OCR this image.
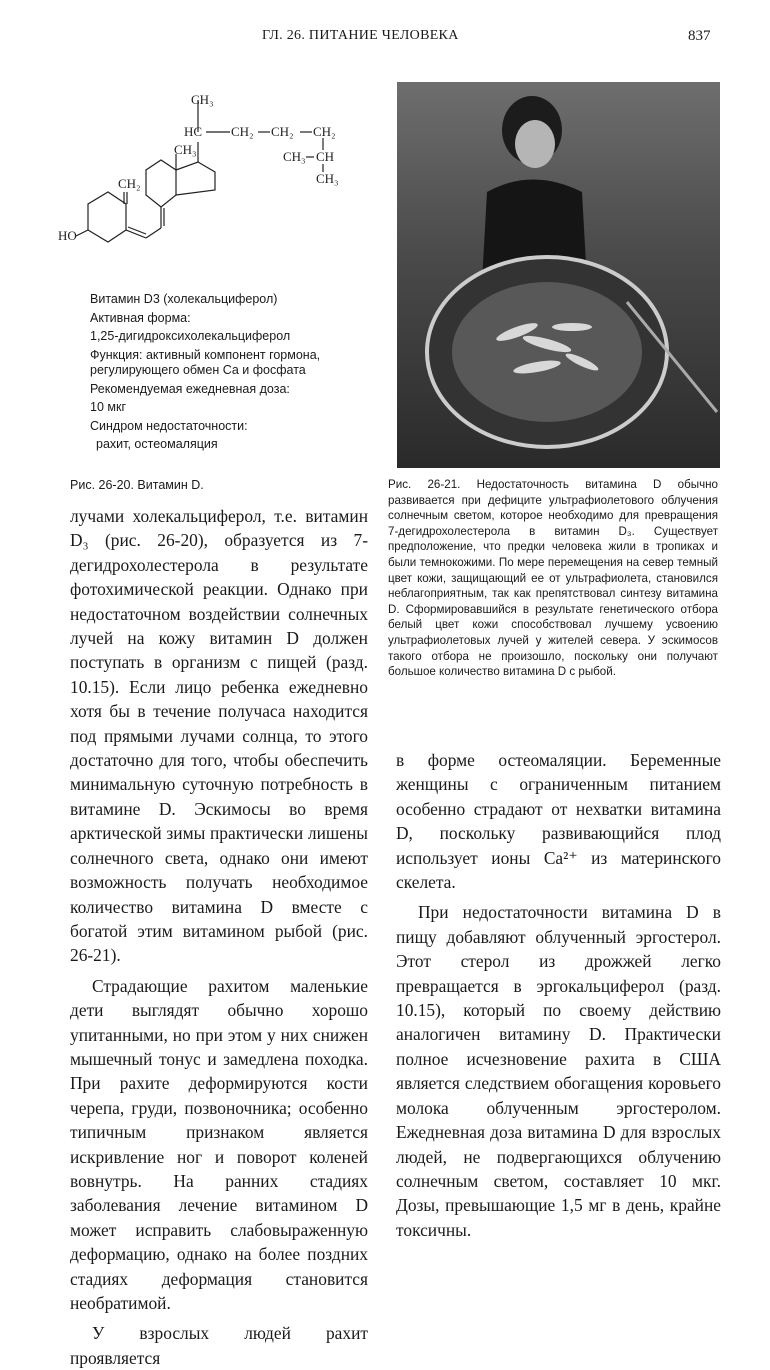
ГЛ. 26. ПИТАНИЕ ЧЕЛОВЕКА	837
CH₃
HC CH₂ CH₂ CH₂
CH₃ CH
CH₃
CH₃
CH₂
HO
Витамин D3 (холекальциферол)
Активная форма:
1,25-дигидроксихолекальциферол
Функция: активный компонент гормона, регулирующего обмен Са и фосфата
Рекомендуемая ежедневная доза:
10 мкг
Синдром недостаточности:
рахит, остеомаляция
Рис. 26-20. Витамин D.	Рис. 26-21. Недостаточность витамина D обычно развивается при дефиците ультрафиолетового облучения солнечным светом, которое необходимо для превращения 7-дегидрохолестерола в витамин D₃. Существует предположение, что предки человека жили в тропиках и были темнокожими. По мере перемещения на север темный цвет кожи, защищающий ее от ультрафиолета, становился неблагоприятным, так как препятствовал синтезу витамина D. Сформировавшийся в результате генетического отбора белый цвет кожи способствовал лучшему усвоению ультрафиолетовых лучей у жителей севера. У эскимосов такого отбора не произошло, поскольку они получают большое количество витамина D с рыбой.

лучами холекальциферол, т.е. витамин D₃ (рис. 26-20), образуется из 7-дегидрохолестерола в результате фотохимической реакции. Однако при недостаточном воздействии солнечных лучей на кожу витамин D должен поступать в организм с пищей (разд. 10.15). Если лицо ребенка ежедневно хотя бы в течение получаса находится под прямыми лучами солнца, то этого достаточно для того, чтобы обеспечить минимальную суточную потребность в витамине D. Эскимосы во время арктической зимы практически лишены солнечного света, однако они имеют возможность получать необходимое количество витамина D вместе с богатой этим витамином рыбой (рис. 26-21).

Страдающие рахитом маленькие дети выглядят обычно хорошо упитанными, но при этом у них снижен мышечный тонус и замедлена походка. При рахите деформируются кости черепа, груди, позвоночника; особенно типичным признаком является искривление ног и поворот коленей вовнутрь. На ранних стадиях заболевания лечение витамином D может исправить слабовыраженную деформацию, однако на более поздних стадиях деформация становится необратимой.

У взрослых людей рахит проявляется

в форме остеомаляции. Беременные женщины с ограниченным питанием особенно страдают от нехватки витамина D, поскольку развивающийся плод использует ионы Ca²⁺ из материнского скелета.

При недостаточности витамина D в пищу добавляют облученный эргостерол. Этот стерол из дрожжей легко превращается в эргокальциферол (разд. 10.15), который по своему действию аналогичен витамину D. Практически полное исчезновение рахита в США является следствием обогащения коровьего молока облученным эргостеролом. Ежедневная доза витамина D для взрослых людей, не подвергающихся облучению солнечным светом, составляет 10 мкг. Дозы, превышающие 1,5 мг в день, крайне токсичны.
